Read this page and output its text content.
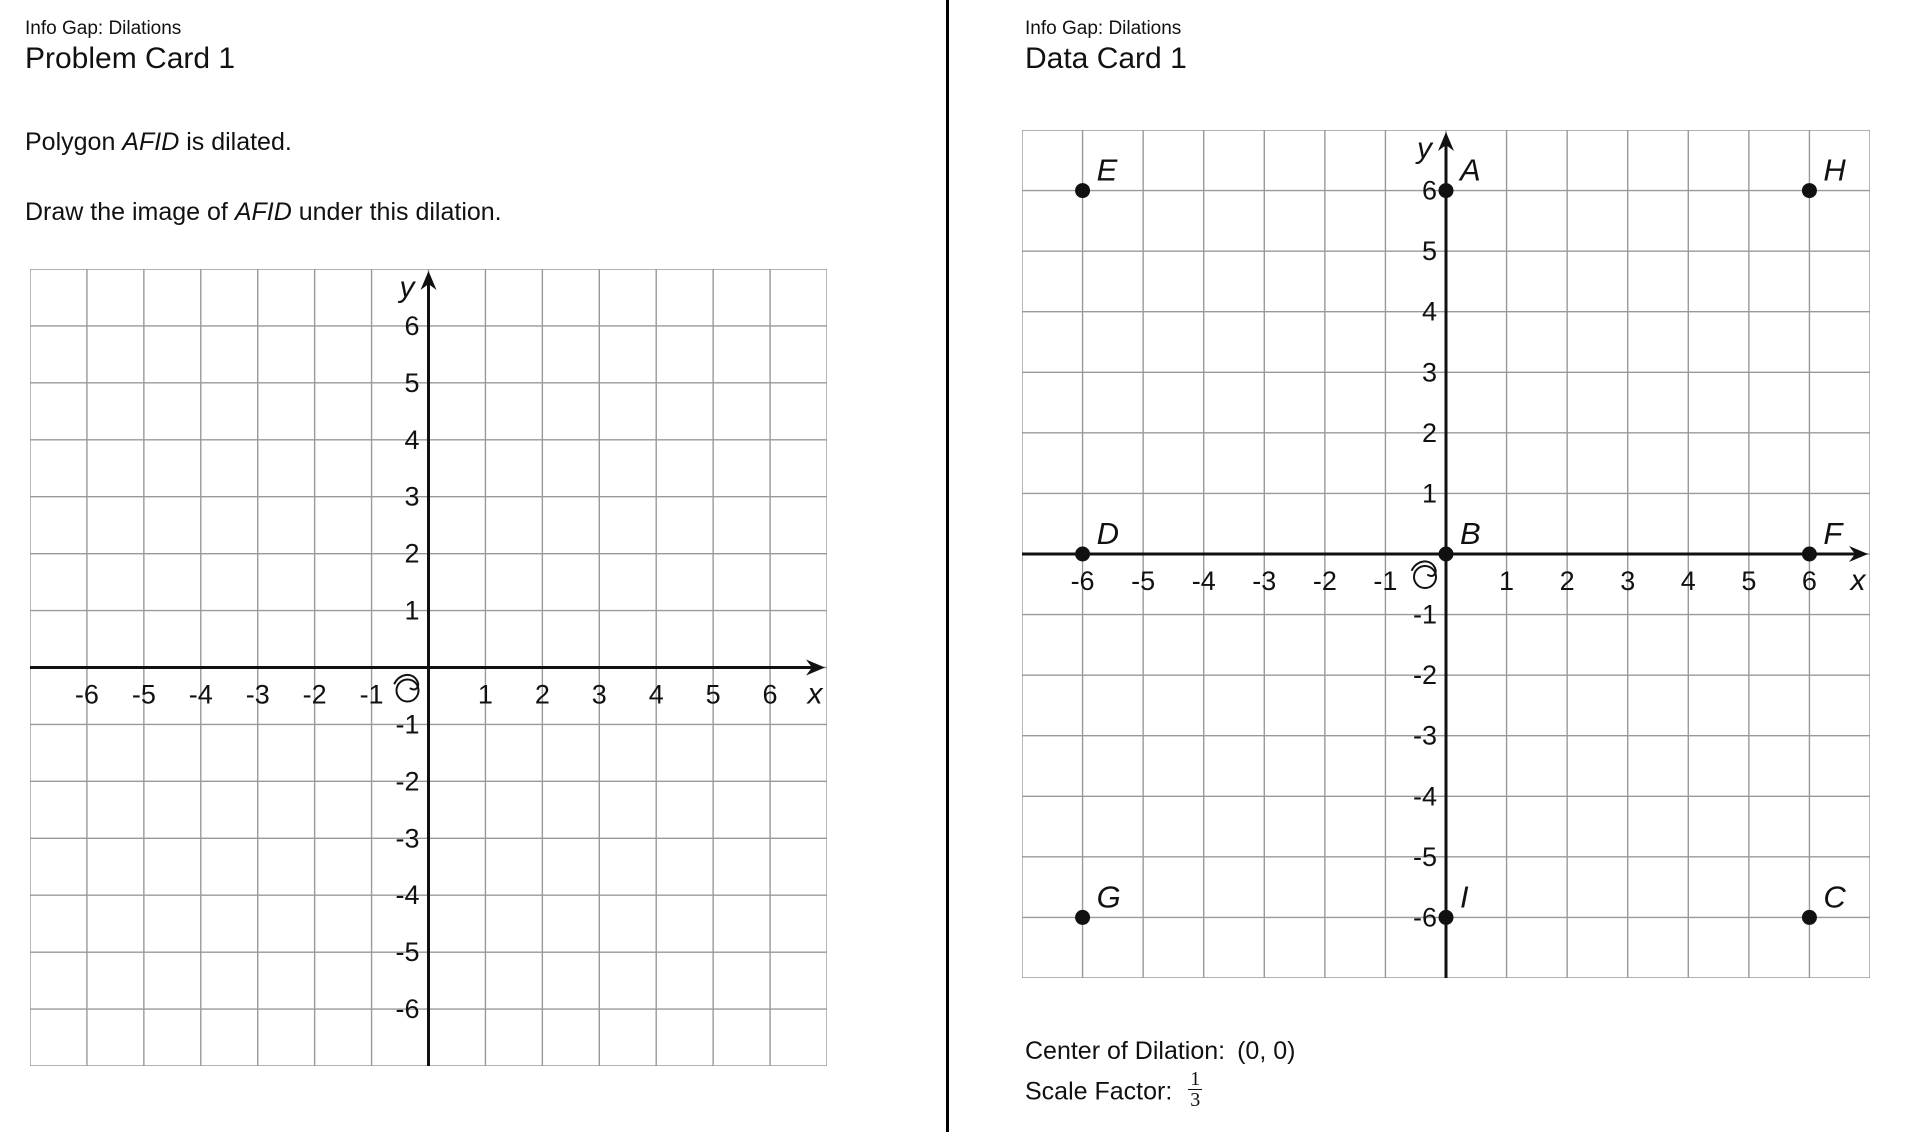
Info Gap: Dilations
Problem Card 1

Polygon AFID is dilated.

Draw the image of AFID under this dilation.

-6 -5 -4 -3 -2 -1	1 2 3 4 5 6
-6
-5
-4
-3
-2
-1
1
2
3
4
5
6
x
y
Info Gap: Dilations
Data Card 1
-6 -5 -4 -3 -2 -1	1 2 3 4 5 6
-6
-5
-4
-3
-2
-1
1
2
3
4
5
6
x
y
E	A	H
D	B	F
G	I	C
Center of Dilation: (0, 0)
Scale Factor: $\frac{1}{3}$
